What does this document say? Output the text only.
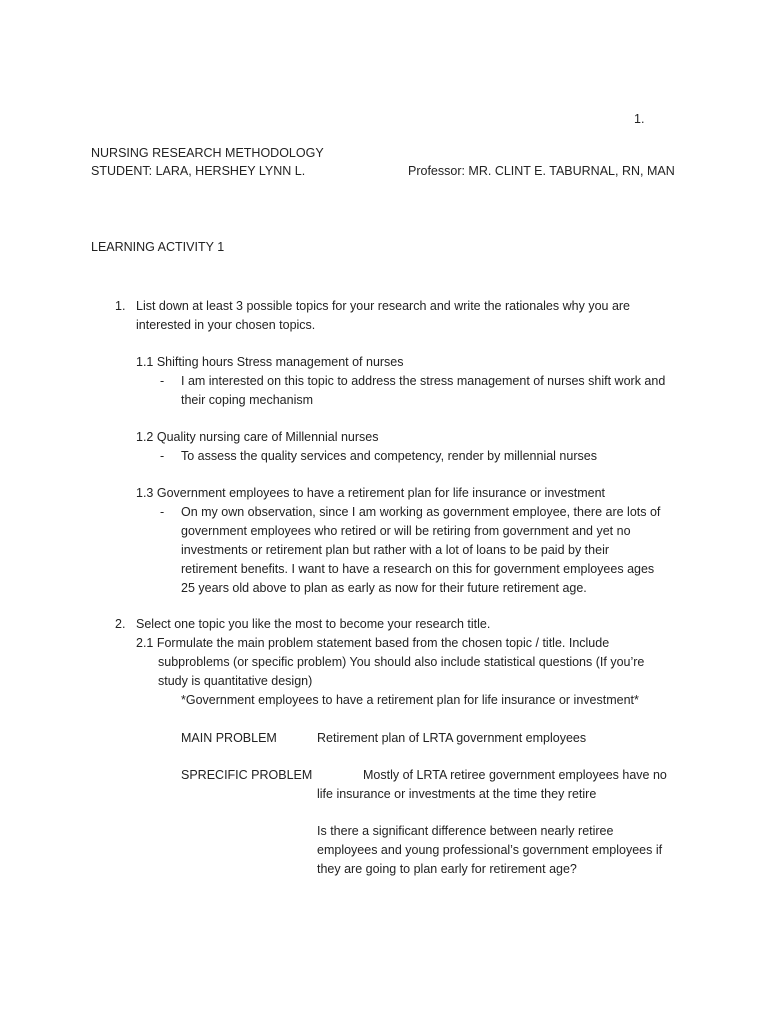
1.
NURSING RESEARCH METHODOLOGY
STUDENT: LARA, HERSHEY LYNN L.	Professor: MR. CLINT E. TABURNAL, RN, MAN
LEARNING ACTIVITY 1
1. List down at least 3 possible topics for your research and write the rationales why you are
interested in your chosen topics.
1.1 Shifting hours Stress management of nurses
- I am interested on this topic to address the stress management of nurses shift work and
their coping mechanism
1.2 Quality nursing care of Millennial nurses
- To assess the quality services and competency, render by millennial nurses
1.3 Government employees to have a retirement plan for life insurance or investment
- On my own observation, since I am working as government employee, there are lots of
government employees who retired or will be retiring from government and yet no
investments or retirement plan but rather with a lot of loans to be paid by their
retirement benefits. I want to have a research on this for government employees ages
25 years old above to plan as early as now for their future retirement age.
2. Select one topic you like the most to become your research title.
2.1 Formulate the main problem statement based from the chosen topic / title. Include
subproblems (or specific problem) You should also include statistical questions (If you’re
study is quantitative design)
*Government employees to have a retirement plan for life insurance or investment*
MAIN PROBLEM	Retirement plan of LRTA government employees
SPRECIFIC PROBLEM	Mostly of LRTA retiree government employees have no
life insurance or investments at the time they retire
Is there a significant difference between nearly retiree
employees and young professional’s government employees if
they are going to plan early for retirement age?
